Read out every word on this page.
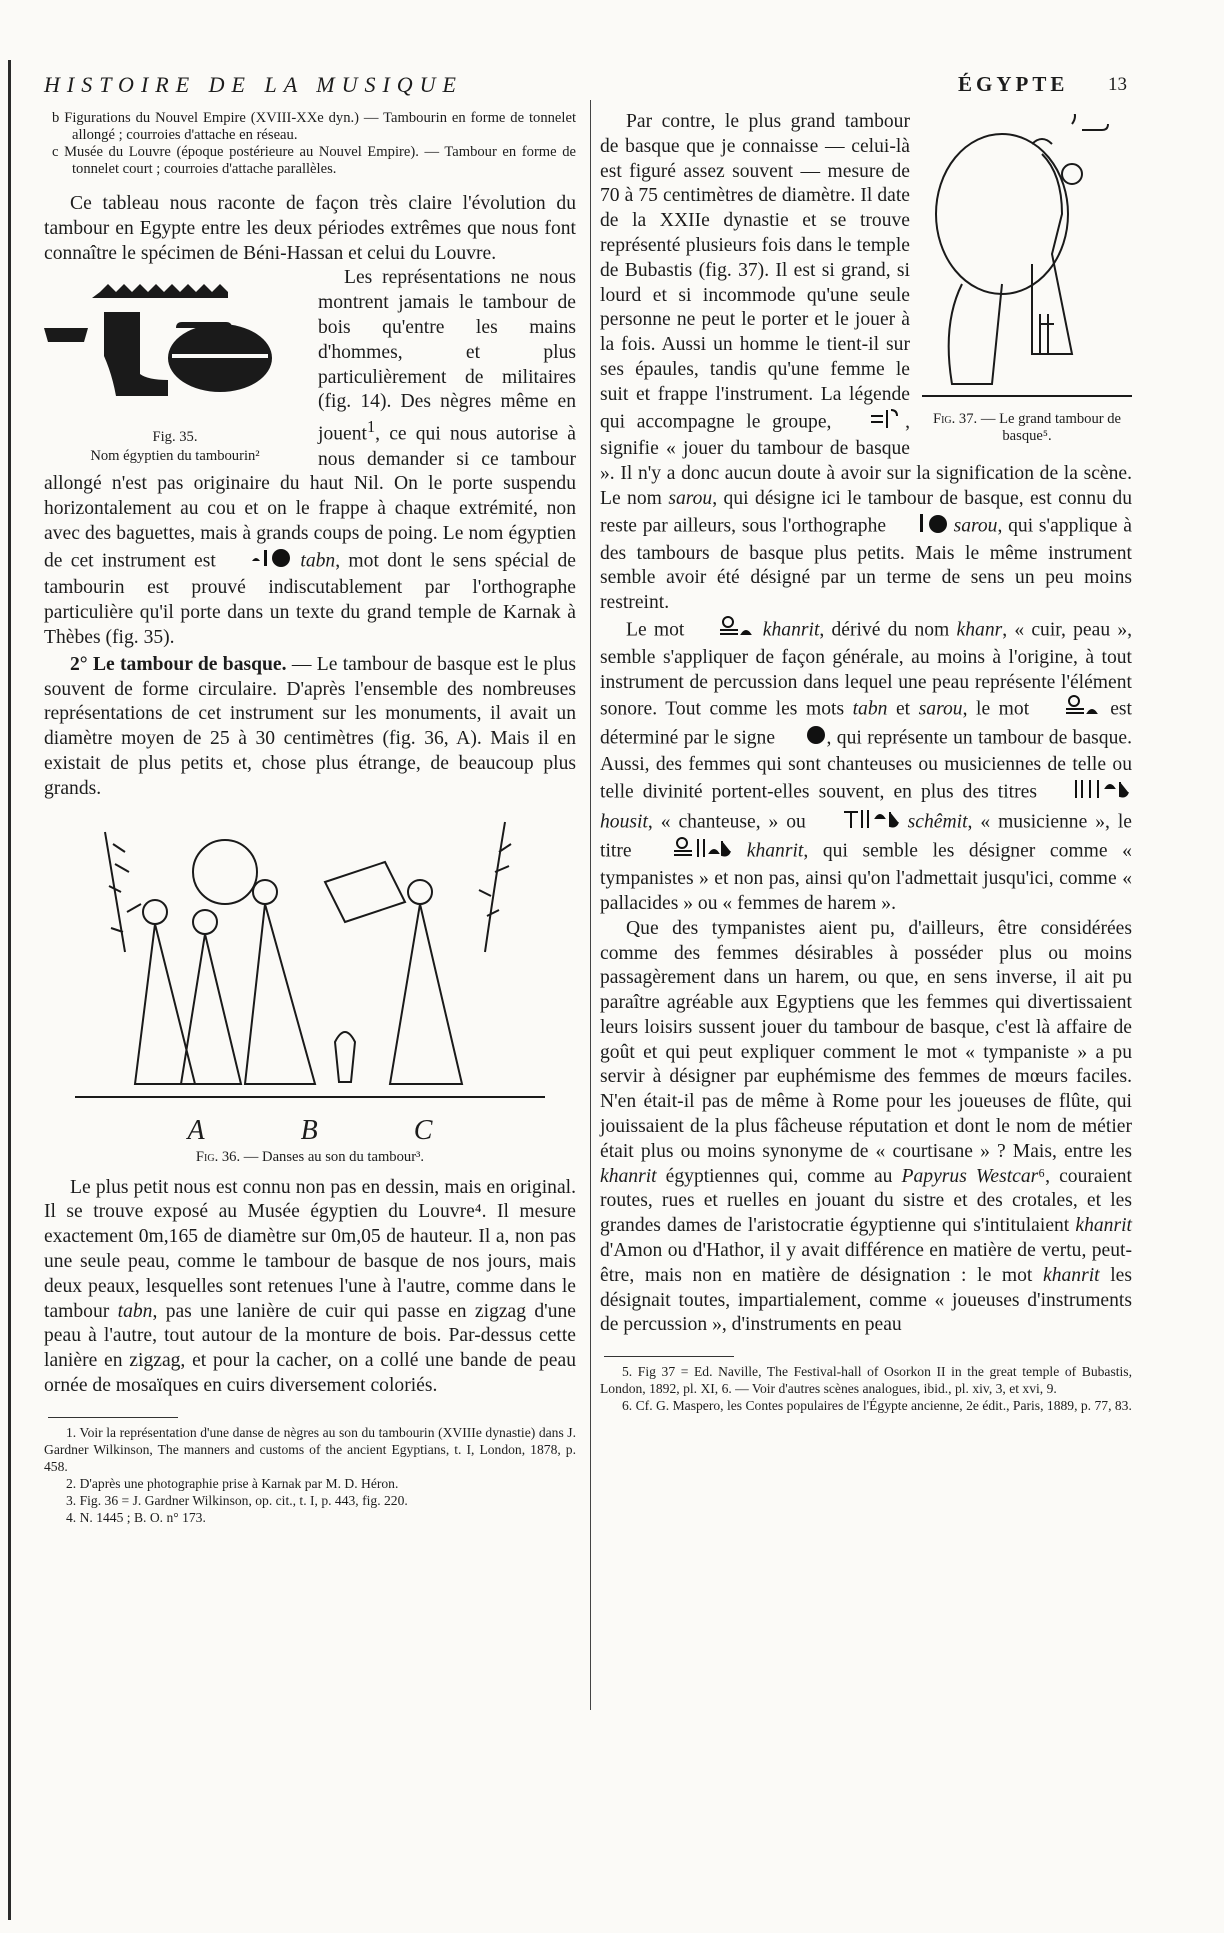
HISTOIRE DE LA MUSIQUE	ÉGYPTE 13

b Figurations du Nouvel Empire (XVIII-XXe dyn.) — Tambourin en forme de tonnelet allongé ; courroies d'attache en réseau.

c Musée du Louvre (époque postérieure au Nouvel Empire). — Tambour en forme de tonnelet court ; courroies d'attache parallèles.

Ce tableau nous raconte de façon très claire l'évolution du tambour en Egypte entre les deux périodes extrêmes que nous font connaître le spécimen de Béni-Hassan et celui du Louvre.

Fig. 35.
Nom égyptien du tambourin²

Les représentations ne nous montrent jamais le tambour de bois qu'entre les mains d'hommes, et plus particulièrement de militaires (fig. 14). Des nègres même en jouent$^1$, ce qui nous autorise à nous demander si ce tambour allongé n'est pas originaire du haut Nil. On le porte suspendu horizontalement au cou et on le frappe à chaque extrémité, non avec des baguettes, mais à grands coups de poing. Le nom égyptien de cet instrument est	tabn, mot dont le sens spécial de tambourin est prouvé indiscutablement par l'orthographe particulière qu'il porte dans un texte du grand temple de Karnak à Thèbes (fig. 35).

2° Le tambour de basque. — Le tambour de basque est le plus souvent de forme circulaire. D'après l'ensemble des nombreuses représentations de cet instrument sur les monuments, il avait un diamètre moyen de 25 à 30 centimètres (fig. 36, A). Mais il en existait de plus petits et, chose plus étrange, de beaucoup plus grands.

A	B	C
Fig. 36. — Danses au son du tambour³.

Le plus petit nous est connu non pas en dessin, mais en original. Il se trouve exposé au Musée égyptien du Louvre⁴. Il mesure exactement 0m,165 de diamètre sur 0m,05 de hauteur. Il a, non pas une seule peau, comme le tambour de basque de nos jours, mais deux peaux, lesquelles sont retenues l'une à l'autre, comme dans le tambour tabn, pas une lanière de cuir qui passe en zigzag d'une peau à l'autre, tout autour de la monture de bois. Par-dessus cette lanière en zigzag, et pour la cacher, on a collé une bande de peau ornée de mosaïques en cuirs diversement coloriés.

1. Voir la représentation d'une danse de nègres au son du tambourin (XVIIIe dynastie) dans J. Gardner Wilkinson, The manners and customs of the ancient Egyptians, t. I, London, 1878, p. 458.

2. D'après une photographie prise à Karnak par M. D. Héron.

3. Fig. 36 = J. Gardner Wilkinson, op. cit., t. I, p. 443, fig. 220.

4. N. 1445 ; B. O. n° 173.

Fig. 37. — Le grand tambour de basque⁵.

Par contre, le plus grand tambour de basque que je connaisse — celui-là est figuré assez souvent — mesure de 70 à 75 centimètres de diamètre. Il date de la XXIIe dynastie et se trouve représenté plusieurs fois dans le temple de Bubastis (fig. 37). Il est si grand, si lourd et si incommode qu'une seule personne ne peut le porter et le jouer à la fois. Aussi un homme le tient-il sur ses épaules, tandis qu'une femme le suit et frappe l'instrument. La légende qui accompagne le groupe,	, signifie « jouer du tambour de basque ». Il n'y a donc aucun doute à avoir sur la signification de la scène. Le nom sarou, qui désigne ici le tambour de basque, est connu du reste par ailleurs, sous l'orthographe	sarou, qui s'applique à des tambours de basque plus petits. Mais le même instrument semble avoir été désigné par un terme de sens un peu moins restreint.

Le mot	khanrit, dérivé du nom khanr, « cuir, peau », semble s'appliquer de façon générale, au moins à l'origine, à tout instrument de percussion dans lequel une peau représente l'élément sonore. Tout comme les mots tabn et sarou, le mot	est déterminé par le signe	, qui représente un tambour de basque. Aussi, des femmes qui sont chanteuses ou musiciennes de telle ou telle divinité portent-elles souvent, en plus des titres  housit, « chanteuse, » ou	schêmit, « musicienne », le titre	khanrit, qui semble les désigner comme « tympanistes » et non pas, ainsi qu'on l'admettait jusqu'ici, comme « pallacides » ou « femmes de harem ».

Que des tympanistes aient pu, d'ailleurs, être considérées comme des femmes désirables à posséder plus ou moins passagèrement dans un harem, ou que, en sens inverse, il ait pu paraître agréable aux Egyptiens que les femmes qui divertissaient leurs loisirs sussent jouer du tambour de basque, c'est là affaire de goût et qui peut expliquer comment le mot « tympaniste » a pu servir à désigner par euphémisme des femmes de mœurs faciles. N'en était-il pas de même à Rome pour les joueuses de flûte, qui jouissaient de la plus fâcheuse réputation et dont le nom de métier était plus ou moins synonyme de « courtisane » ? Mais, entre les khanrit égyptiennes qui, comme au Papyrus Westcar⁶, couraient routes, rues et ruelles en jouant du sistre et des crotales, et les grandes dames de l'aristocratie égyptienne qui s'intitulaient khanrit d'Amon ou d'Hathor, il y avait différence en matière de vertu, peut-être, mais non en matière de désignation : le mot khanrit les désignait toutes, impartialement, comme « joueuses d'instruments de percussion », d'instruments en peau

5. Fig 37 = Ed. Naville, The Festival-hall of Osorkon II in the great temple of Bubastis, London, 1892, pl. XI, 6. — Voir d'autres scènes analogues, ibid., pl. xiv, 3, et xvi, 9.

6. Cf. G. Maspero, les Contes populaires de l'Égypte ancienne, 2e édit., Paris, 1889, p. 77, 83.
